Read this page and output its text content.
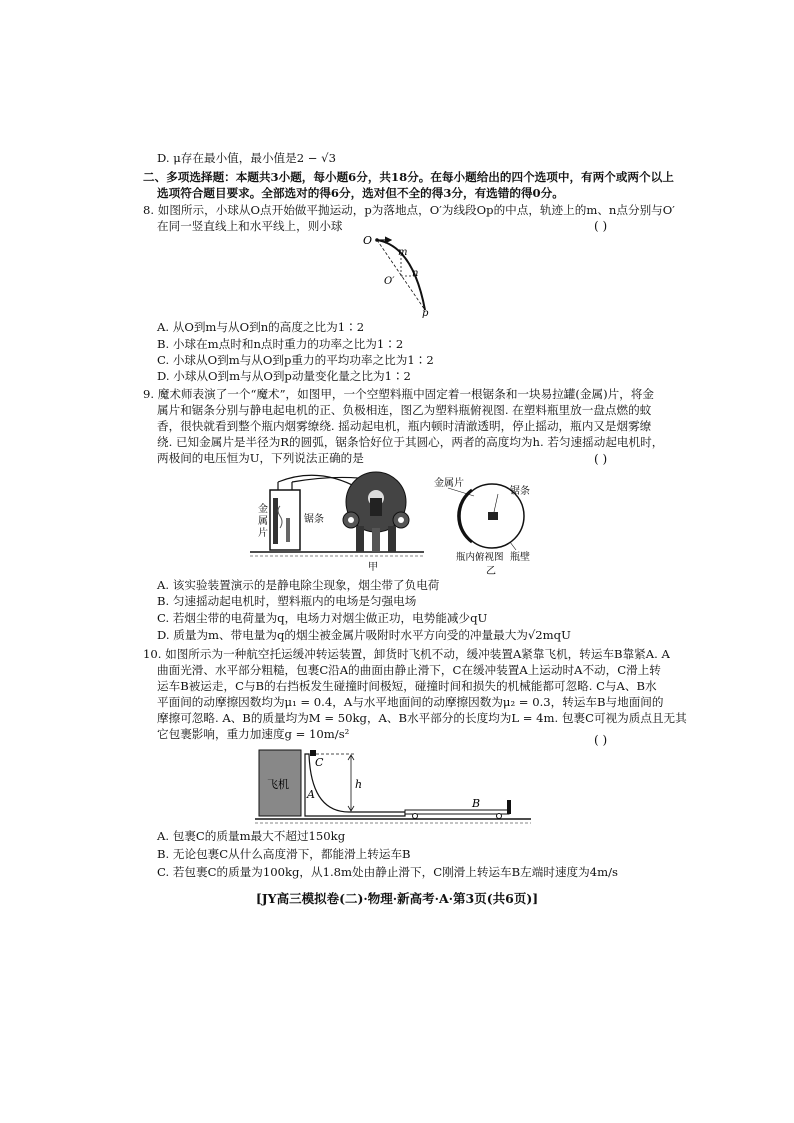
D. μ存在最小值，最小值是2 − √3
二、多项选择题：本题共3小题，每小题6分，共18分。在每小题给出的四个选项中，有两个或两个以上
选项符合题目要求。全部选对的得6分，选对但不全的得3分，有选错的得0分。
8. 如图所示，小球从O点开始做平抛运动，p为落地点，O′为线段Op的中点，轨迹上的m、n点分别与O′
在同一竖直线上和水平线上，则小球	( )
O
m
n
O′
p
A. 从O到m与从O到n的高度之比为1∶2
B. 小球在m点时和n点时重力的功率之比为1∶2
C. 小球从O到m与从O到p重力的平均功率之比为1∶2
D. 小球从O到m与从O到p动量变化量之比为1∶2
9. 魔术师表演了一个“魔术”，如图甲，一个空塑料瓶中固定着一根锯条和一块易拉罐(金属)片，将金
属片和锯条分别与静电起电机的正、负极相连，图乙为塑料瓶俯视图. 在塑料瓶里放一盘点燃的蚊
香，很快就看到整个瓶内烟雾缭绕. 摇动起电机，瓶内顿时清澈透明，停止摇动，瓶内又是烟雾缭
绕. 已知金属片是半径为R的圆弧，锯条恰好位于其圆心，两者的高度均为h. 若匀速摇动起电机时，
两极间的电压恒为U，下列说法正确的是	( )
金
属
片
锯条
甲
金属片
锯条
瓶壁
瓶内俯视图
乙
A. 该实验装置演示的是静电除尘现象，烟尘带了负电荷
B. 匀速摇动起电机时，塑料瓶内的电场是匀强电场
C. 若烟尘带的电荷量为q，电场力对烟尘做正功，电势能减少qU
D. 质量为m、带电量为q的烟尘被金属片吸附时水平方向受的冲量最大为√2mqU
10. 如图所示为一种航空托运缓冲转运装置，卸货时飞机不动，缓冲装置A紧靠飞机，转运车B靠紧A. A
曲面光滑、水平部分粗糙，包裹C沿A的曲面由静止滑下，C在缓冲装置A上运动时A不动，C滑上转
运车B被运走，C与B的右挡板发生碰撞时间极短，碰撞时间和损失的机械能都可忽略. C与A、B水
平面间的动摩擦因数均为μ₁ = 0.4，A与水平地面间的动摩擦因数为μ₂ = 0.3，转运车B与地面间的
摩擦可忽略. A、B的质量均为M = 50kg，A、B水平部分的长度均为L = 4m. 包裹C可视为质点且无其
它包裹影响，重力加速度g = 10m/s²	( )
飞机	h
C
A
B
A. 包裹C的质量m最大不超过150kg
B. 无论包裹C从什么高度滑下，都能滑上转运车B
C. 若包裹C的质量为100kg，从1.8m处由静止滑下，C刚滑上转运车B左端时速度为4m/s
[JY高三模拟卷(二)·物理·新高考·A·第3页(共6页)]
